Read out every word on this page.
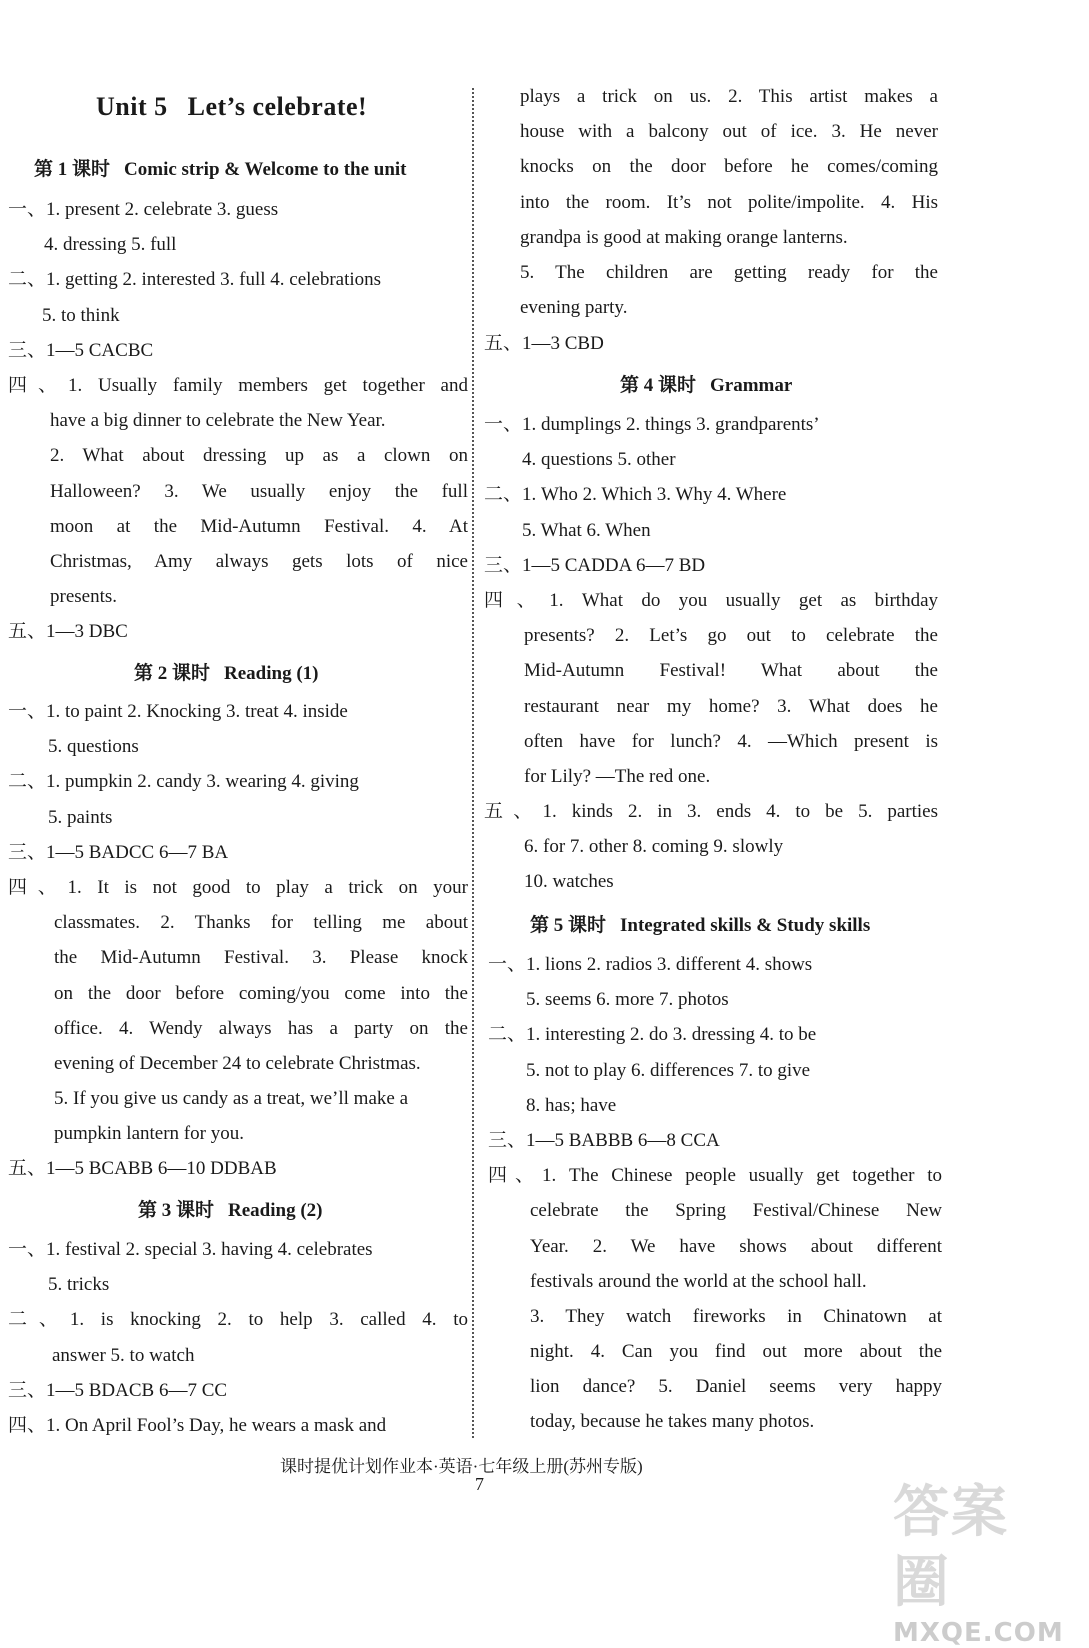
Unit 5 Let’s celebrate!
第 1 课时 Comic strip & Welcome to the unit
一、1. present 2. celebrate 3. guess
4. dressing 5. full
二、1. getting 2. interested 3. full 4. celebrations
5. to think
三、1—5 CACBC
四、1. Usually family members get together and
have a big dinner to celebrate the New Year.
2. What about dressing up as a clown on
Halloween? 3. We usually enjoy the full
moon at the Mid-Autumn Festival. 4. At
Christmas, Amy always gets lots of nice
presents.
五、1—3 DBC
第 2 课时 Reading (1)
一、1. to paint 2. Knocking 3. treat 4. inside
5. questions
二、1. pumpkin 2. candy 3. wearing 4. giving
5. paints
三、1—5 BADCC 6—7 BA
四、1. It is not good to play a trick on your
classmates. 2. Thanks for telling me about
the Mid-Autumn Festival. 3. Please knock
on the door before coming/you come into the
office. 4. Wendy always has a party on the
evening of December 24 to celebrate Christmas.
5. If you give us candy as a treat, we’ll make a
pumpkin lantern for you.
五、1—5 BCABB 6—10 DDBAB
第 3 课时 Reading (2)
一、1. festival 2. special 3. having 4. celebrates
5. tricks
二、1. is knocking 2. to help 3. called 4. to
answer 5. to watch
三、1—5 BDACB 6—7 CC
四、1. On April Fool’s Day, he wears a mask and
plays a trick on us. 2. This artist makes a
house with a balcony out of ice. 3. He never
knocks on the door before he comes/coming
into the room. It’s not polite/impolite. 4. His
grandpa is good at making orange lanterns.
5. The children are getting ready for the
evening party.
五、1—3 CBD
第 4 课时 Grammar
一、1. dumplings 2. things 3. grandparents’
4. questions 5. other
二、1. Who 2. Which 3. Why 4. Where
5. What 6. When
三、1—5 CADDA 6—7 BD
四、1. What do you usually get as birthday
presents? 2. Let’s go out to celebrate the
Mid-Autumn Festival! What about the
restaurant near my home? 3. What does he
often have for lunch? 4. —Which present is
for Lily? —The red one.
五、1. kinds 2. in 3. ends 4. to be 5. parties
6. for 7. other 8. coming 9. slowly
10. watches
第 5 课时 Integrated skills & Study skills
一、1. lions 2. radios 3. different 4. shows
5. seems 6. more 7. photos
二、1. interesting 2. do 3. dressing 4. to be
5. not to play 6. differences 7. to give
8. has; have
三、1—5 BABBB 6—8 CCA
四、1. The Chinese people usually get together to
celebrate the Spring Festival/Chinese New
Year. 2. We have shows about different
festivals around the world at the school hall.
3. They watch fireworks in Chinatown at
night. 4. Can you find out more about the
lion dance? 5. Daniel seems very happy
today, because he takes many photos.
课时提优计划作业本·英语·七年级上册(苏州专版)
7	答案圈
MXQE.COM
